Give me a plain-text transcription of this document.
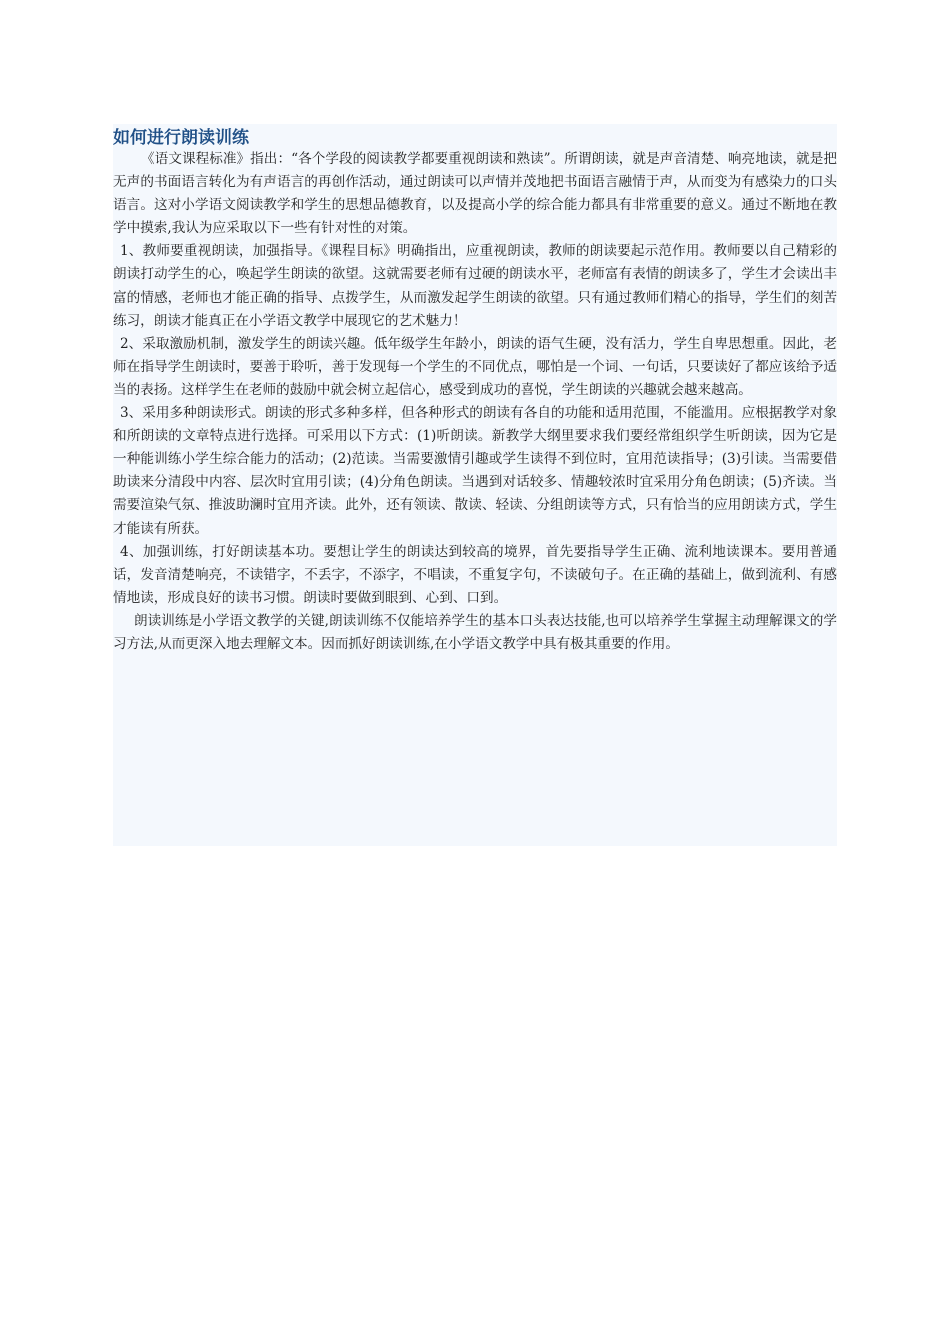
如何进行朗读训练

《语文课程标准》指出：“各个学段的阅读教学都要重视朗读和熟读”。所谓朗读，就是声音清楚、响亮地读，就是把无声的书面语言转化为有声语言的再创作活动，通过朗读可以声情并茂地把书面语言融情于声，从而变为有感染力的口头语言。这对小学语文阅读教学和学生的思想品德教育，以及提高小学的综合能力都具有非常重要的意义。通过不断地在教学中摸索,我认为应采取以下一些有针对性的对策。

1、教师要重视朗读，加强指导。《课程目标》明确指出，应重视朗读，教师的朗读要起示范作用。教师要以自己精彩的朗读打动学生的心，唤起学生朗读的欲望。这就需要老师有过硬的朗读水平，老师富有表情的朗读多了，学生才会读出丰富的情感，老师也才能正确的指导、点拨学生，从而激发起学生朗读的欲望。只有通过教师们精心的指导，学生们的刻苦练习，朗读才能真正在小学语文教学中展现它的艺术魅力！

2、采取激励机制，激发学生的朗读兴趣。低年级学生年龄小，朗读的语气生硬，没有活力，学生自卑思想重。因此，老师在指导学生朗读时，要善于聆听，善于发现每一个学生的不同优点，哪怕是一个词、一句话，只要读好了都应该给予适当的表扬。这样学生在老师的鼓励中就会树立起信心，感受到成功的喜悦，学生朗读的兴趣就会越来越高。

3、采用多种朗读形式。朗读的形式多种多样，但各种形式的朗读有各自的功能和适用范围，不能滥用。应根据教学对象和所朗读的文章特点进行选择。可采用以下方式：(1)听朗读。新教学大纲里要求我们要经常组织学生听朗读，因为它是一种能训练小学生综合能力的活动；(2)范读。当需要激情引趣或学生读得不到位时，宜用范读指导；(3)引读。当需要借助读来分清段中内容、层次时宜用引读；(4)分角色朗读。当遇到对话较多、情趣较浓时宜采用分角色朗读；(5)齐读。当需要渲染气氛、推波助澜时宜用齐读。此外，还有领读、散读、轻读、分组朗读等方式，只有恰当的应用朗读方式，学生才能读有所获。

4、加强训练，打好朗读基本功。要想让学生的朗读达到较高的境界，首先要指导学生正确、流利地读课本。要用普通话，发音清楚响亮，不读错字，不丢字，不添字，不唱读，不重复字句，不读破句子。在正确的基础上，做到流利、有感情地读，形成良好的读书习惯。朗读时要做到眼到、心到、口到。

朗读训练是小学语文教学的关键,朗读训练不仅能培养学生的基本口头表达技能,也可以培养学生掌握主动理解课文的学习方法,从而更深入地去理解文本。因而抓好朗读训练,在小学语文教学中具有极其重要的作用。
